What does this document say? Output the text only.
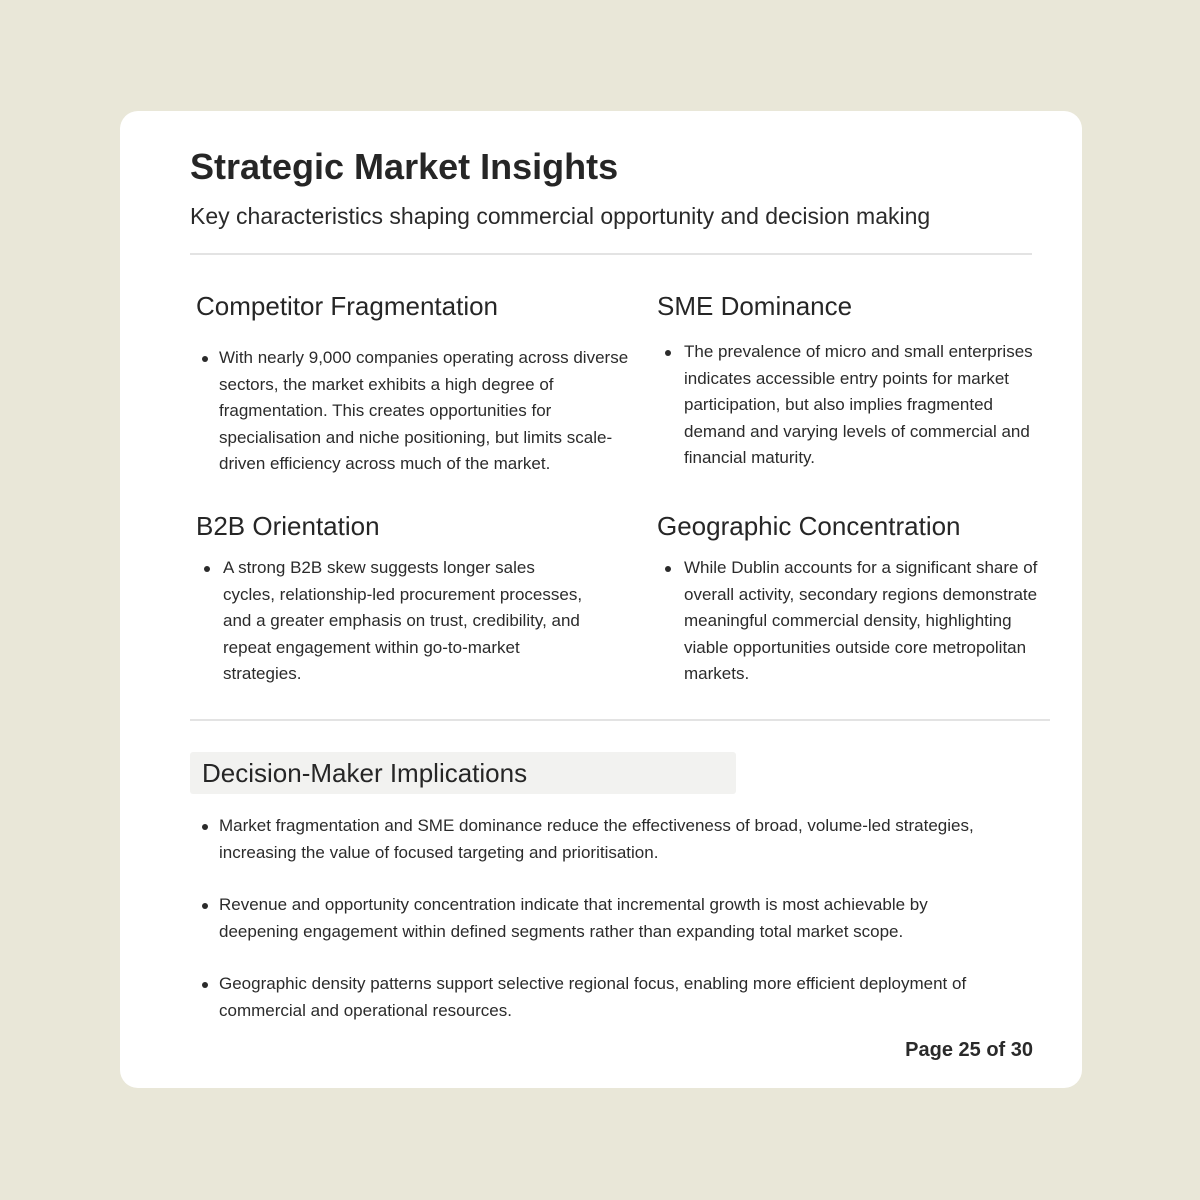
Strategic Market Insights

Key characteristics shaping commercial opportunity and decision making

Competitor Fragmentation
With nearly 9,000 companies operating across diverse sectors, the market exhibits a high degree of fragmentation. This creates opportunities for specialisation and niche positioning, but limits scale-driven efficiency across much of the market.
SME Dominance
The prevalence of micro and small enterprises indicates accessible entry points for market participation, but also implies fragmented demand and varying levels of commercial and financial maturity.
B2B Orientation
A strong B2B skew suggests longer sales cycles, relationship-led procurement processes, and a greater emphasis on trust, credibility, and repeat engagement within go-to-market strategies.
Geographic Concentration
While Dublin accounts for a significant share of overall activity, secondary regions demonstrate meaningful commercial density, highlighting viable opportunities outside core metropolitan markets.
Decision-Maker Implications
Market fragmentation and SME dominance reduce the effectiveness of broad, volume-led strategies, increasing the value of focused targeting and prioritisation.
Revenue and opportunity concentration indicate that incremental growth is most achievable by deepening engagement within defined segments rather than expanding total market scope.
Geographic density patterns support selective regional focus, enabling more efficient deployment of commercial and operational resources.
Page 25 of 30
